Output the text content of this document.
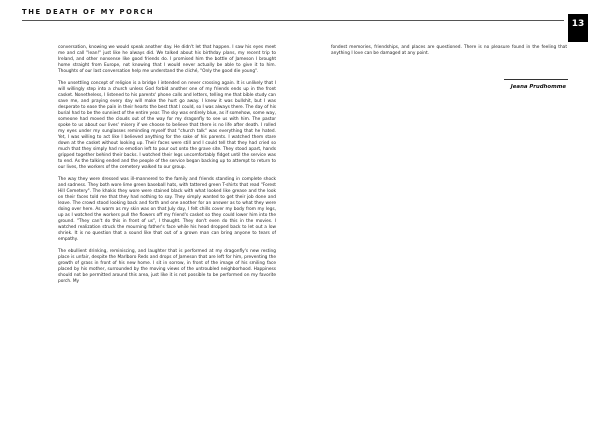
THE DEATH OF MY PORCH
13

conversation, knowing we would speak another day. He didn't let that happen. I saw his eyes meet me and call "lean!" just like he always did. We talked about his birthday plans, my recent trip to Ireland, and other nonsense like good friends do. I promised him the bottle of Jameson I brought home straight from Europe, not knowing that I would never actually be able to give it to him. Thoughts of our last conversation help me understand the cliché, "Only the good die young".

The unsettling concept of religion is a bridge I intended on never crossing again. It is unlikely that I will willingly step into a church unless God forbid another one of my friends ends up in the front casket. Nonetheless, I listened to his parents' phone calls and letters, telling me that bible study can save me, and praying every day will make the hurt go away. I knew it was bullshit, but I was desperate to ease the pain in their hearts the best that I could, so I was always there. The day of his burial had to be the sunniest of the entire year. The sky was entirely blue, as if somehow, some way, someone had moved the clouds out of the way for my dragonfly to see us with him. The pastor spoke to us about our lives' misery if we choose to believe that there is no life after death. I rolled my eyes under my sunglasses reminding myself that "church talk" was everything that he hated. Yet, I was willing to act like I believed anything for the sake of his parents. I watched them stare down at the casket without looking up. Their faces were still and I could tell that they had cried so much that they simply had no emotion left to pour out onto the grave site. They stood apart, hands gripped together behind their backs. I watched their legs uncomfortably fidget until the service was to end. As the talking ended and the people of the service began backing up to attempt to return to our lives, the workers of the cemetery walked to our group.

The way they were dressed was ill-mannered to the family and friends standing in complete shock and sadness. They both wore lime green baseball hats, with tattered green T-shirts that read "Forest Hill Cemetery". The khakis they wore were stained black with what looked like grease and the look on their faces told me that they had nothing to say. They simply wanted to get their job done and leave. The crowd stood looking back and forth and one another for an answer as to what they were doing over here. As warm as my skin was on that July day, I felt chills cover my body from my legs, up as I watched the workers pull the flowers off my friend's casket so they could lower him into the ground. "They can't do this in front of us", I thought. They don't even do this in the movies. I watched realization struck the mourning father's face while his head dropped back to let out a low shriek. It is no question that a sound like that out of a grown man can bring anyone to tears of empathy.

The ebullient drinking, reminiscing, and laughter that is performed at my dragonfly's new resting place is unfair, despite the Marlboro Reds and drops of Jameson that are left for him, preventing the growth of grass in front of his new home. I sit in sorrow, in front of the image of his smiling face placed by his mother, surrounded by the moving views of the untroubled neighborhood. Happiness should not be permitted around this area, just like it is not possible to be performed on my favorite porch. My

fondest memories, friendships, and places are questioned. There is no pleasure found in the feeling that anything I love can be damaged at any point.

Jeana Prudhomme
